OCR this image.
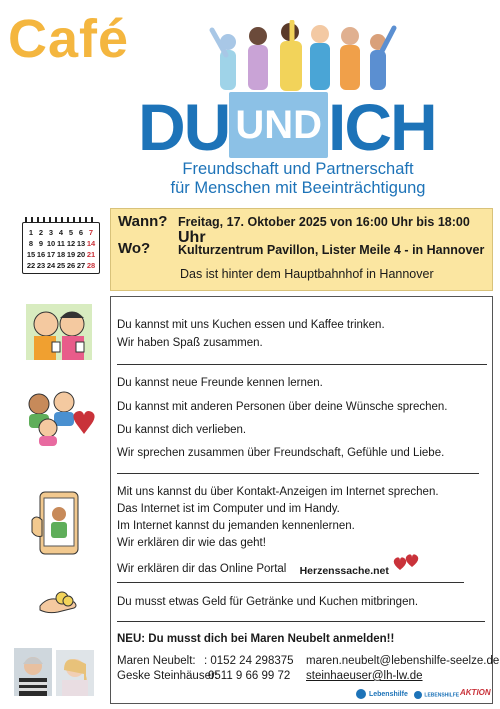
Café
DU UNDICH
Freundschaft und Partnerschaft
für Menschen mit Beeinträchtigung
1 2 3 4 5 6 7
8 9 10 11 12 13 14
15 16 17 18 19 20 21
22 23 24 25 26 27 28
Wann? Freitag, 17. Oktober 2025 von 16:00 Uhr bis 18:00 Uhr
Wo? Kulturzentrum Pavillon, Lister Meile 4 - in Hannover
Das ist hinter dem Hauptbahnhof in Hannover
Du kannst mit uns Kuchen essen und Kaffee trinken.
Wir haben Spaß zusammen.
Du kannst neue Freunde kennen lernen.
Du kannst mit anderen Personen über deine Wünsche sprechen.
Du kannst dich verlieben.
Wir sprechen zusammen über Freundschaft, Gefühle und Liebe.
Mit uns kannst du über Kontakt-Anzeigen im Internet sprechen.
Das Internet ist im Computer und im Handy.
Im Internet kannst du jemanden kennenlernen.
Wir erklären dir wie das geht!
Wir erklären dir das Online Portal Herzenssache.net
Du musst etwas Geld für Getränke und Kuchen mitbringen.
NEU: Du musst dich bei Maren Neubelt anmelden!!
Maren Neubelt: : 0152 24 298375 maren.neubelt@lebenshilfe-seelze.de
Geske Steinhäuser:
0511 9 66 99 72 steinhaeuser@lh-lw.de
Lebenshilfe	LEBENSHILFE AKTION
